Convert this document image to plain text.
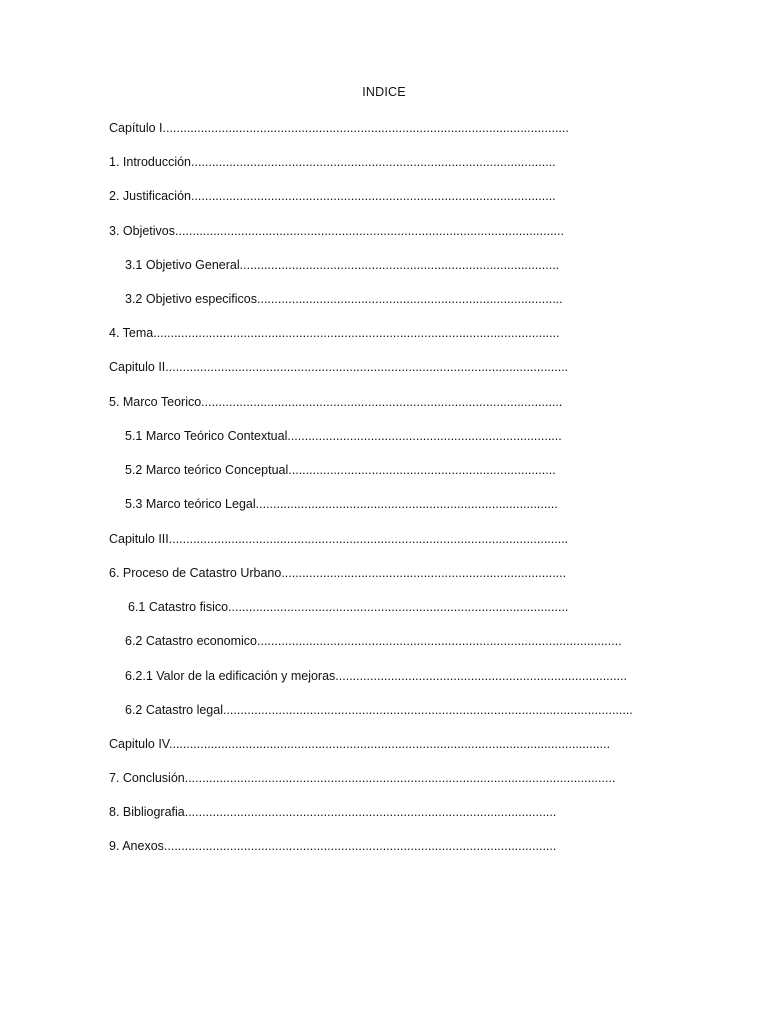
INDICE
Capítulo I.....................................................................................................................
1. Introducción.........................................................................................................
2. Justificación.........................................................................................................
3. Objetivos................................................................................................................
3.1 Objetivo General............................................................................................
3.2 Objetivo especificos........................................................................................
4. Tema.....................................................................................................................
Capitulo II....................................................................................................................
5. Marco Teorico........................................................................................................
5.1 Marco Teórico Contextual...............................................................................
5.2 Marco teórico Conceptual.............................................................................
5.3 Marco teórico Legal.......................................................................................
Capitulo III...................................................................................................................
6. Proceso de Catastro Urbano..................................................................................
6.1 Catastro fisico..................................................................................................
6.2 Catastro economico.........................................................................................................
6.2.1 Valor de la edificación y mejoras....................................................................................
6.2 Catastro legal......................................................................................................................
Capitulo IV...............................................................................................................................
7. Conclusión............................................................................................................................
8. Bibliografia...........................................................................................................
9. Anexos.................................................................................................................
